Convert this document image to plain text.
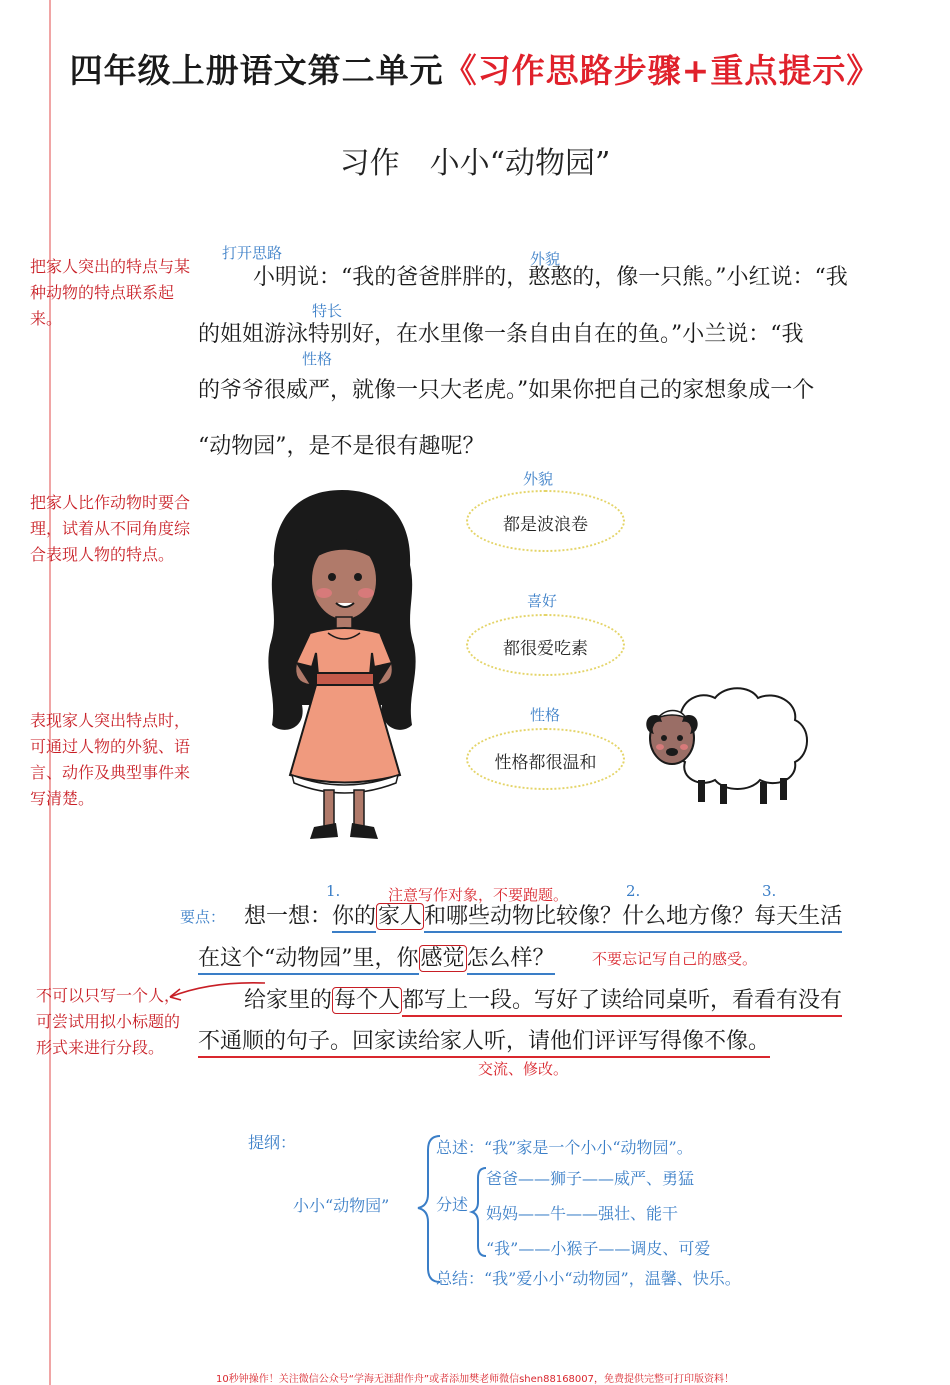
四年级上册语文第二单元《习作思路步骤+重点提示》
习作　小小“动物园”
把家人突出的特点与某种动物的特点联系起来。
把家人比作动物时要合理，试着从不同角度综合表现人物的特点。
表现家人突出特点时，可通过人物的外貌、语言、动作及典型事件来写清楚。
不可以只写一个人，可尝试用拟小标题的形式来进行分段。
打开思路	外貌
特长
性格
小明说：“我的爸爸胖胖的，憨憨的，像一只熊。”小红说：“我
的姐姐游泳特别好，在水里像一条自由自在的鱼。”小兰说：“我
的爷爷很威严，就像一只大老虎。”如果你把自己的家想象成一个
“动物园”，是不是很有趣呢？
外貌
都是波浪卷
喜好
都很爱吃素
性格
性格都很温和
要点：
1.	2.	3.
注意写作对象，不要跑题。
想一想：你的家人和哪些动物比较像？什么地方像？每天生活
在这个“动物园”里，你感觉怎么样？ 不要忘记写自己的感受。
给家里的每个人都写上一段。写好了读给同桌听，看看有没有
不通顺的句子。回家读给家人听，请他们评评写得像不像。
交流、修改。
提纲：
小小“动物园”
总述：“我”家是一个小小“动物园”。
分述
爸爸——狮子——威严、勇猛
妈妈——牛——强壮、能干
“我”——小猴子——调皮、可爱
总结：“我”爱小小“动物园”，温馨、快乐。
10秒钟操作！关注微信公众号“学海无涯甜作舟”或者添加樊老师微信shen88168007，免费提供完整可打印版资料！
